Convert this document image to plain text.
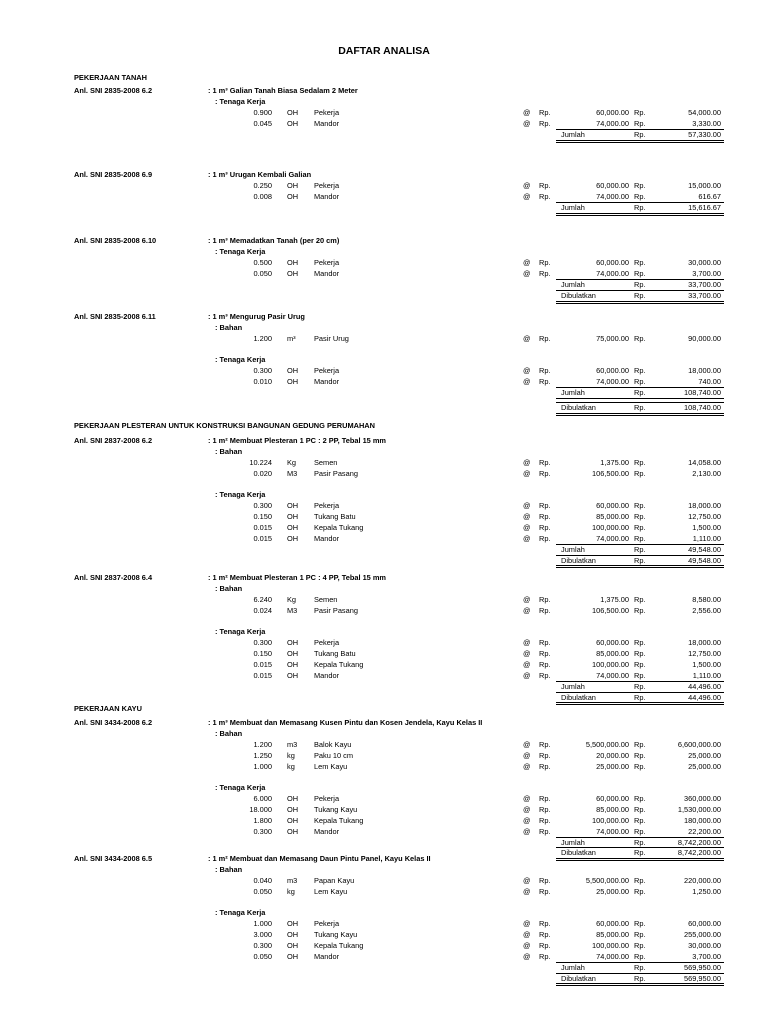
DAFTAR ANALISA
PEKERJAAN TANAH
Anl. SNI 2835-2008 6.2	: 1 m³ Galian Tanah Biasa Sedalam 2 Meter
: Tenaga Kerja
0.900 OH Pekerja	@ Rp.	60,000.00 Rp.	54,000.00
0.045 OH Mandor	@ Rp.	74,000.00 Rp.	3,330.00
Jumlah	Rp.	57,330.00
Anl. SNI 2835-2008 6.9	: 1 m³ Urugan Kembali Galian
0.250 OH Pekerja	@ Rp.	60,000.00 Rp.	15,000.00
0.008 OH Mandor	@ Rp.	74,000.00 Rp.	616.67
Jumlah	Rp.	15,616.67
Anl. SNI 2835-2008 6.10	: 1 m³ Memadatkan Tanah (per 20 cm)
: Tenaga Kerja
0.500 OH Pekerja	@ Rp.	60,000.00 Rp.	30,000.00
0.050 OH Mandor	@ Rp.	74,000.00 Rp.	3,700.00
Jumlah	Rp.	33,700.00
Dibulatkan	Rp.	33,700.00
Anl. SNI 2835-2008 6.11	: 1 m³ Mengurug Pasir Urug
: Bahan
1.200 m³ Pasir Urug	@ Rp.	75,000.00 Rp.	90,000.00
: Tenaga Kerja
0.300 OH Pekerja	@ Rp.	60,000.00 Rp.	18,000.00
0.010 OH Mandor	@ Rp.	74,000.00 Rp.	740.00
Jumlah	Rp.	108,740.00
Dibulatkan	Rp.	108,740.00
PEKERJAAN PLESTERAN UNTUK KONSTRUKSI BANGUNAN GEDUNG PERUMAHAN
Anl. SNI 2837-2008 6.2	: 1 m² Membuat Plesteran 1 PC : 2 PP, Tebal 15 mm
: Bahan
10.224 Kg Semen	@ Rp.	1,375.00 Rp.	14,058.00
0.020 M3 Pasir Pasang	@ Rp.	106,500.00 Rp.	2,130.00
: Tenaga Kerja
0.300 OH Pekerja	@ Rp.	60,000.00 Rp.	18,000.00
0.150 OH Tukang Batu	@ Rp.	85,000.00 Rp.	12,750.00
0.015 OH Kepala Tukang	@ Rp.	100,000.00 Rp.	1,500.00
0.015 OH Mandor	@ Rp.	74,000.00 Rp.	1,110.00
Jumlah	Rp.	49,548.00
Dibulatkan	Rp.	49,548.00
Anl. SNI 2837-2008 6.4	: 1 m² Membuat Plesteran 1 PC : 4 PP, Tebal 15 mm
: Bahan
6.240 Kg Semen	@ Rp.	1,375.00 Rp.	8,580.00
0.024 M3 Pasir Pasang	@ Rp.	106,500.00 Rp.	2,556.00
: Tenaga Kerja
0.300 OH Pekerja	@ Rp.	60,000.00 Rp.	18,000.00
0.150 OH Tukang Batu	@ Rp.	85,000.00 Rp.	12,750.00
0.015 OH Kepala Tukang	@ Rp.	100,000.00 Rp.	1,500.00
0.015 OH Mandor	@ Rp.	74,000.00 Rp.	1,110.00
Jumlah	Rp.	44,496.00
Dibulatkan	Rp.	44,496.00
PEKERJAAN KAYU
Anl. SNI 3434-2008 6.2	: 1 m³ Membuat dan Memasang Kusen Pintu dan Kosen Jendela, Kayu Kelas II
: Bahan
1.200 m3 Balok Kayu	@ Rp.	5,500,000.00 Rp.	6,600,000.00
1.250 kg	Paku 10 cm	@ Rp.	20,000.00 Rp.	25,000.00
1.000 kg	Lem Kayu	@ Rp.	25,000.00 Rp.	25,000.00
: Tenaga Kerja
6.000 OH Pekerja	@ Rp.	60,000.00 Rp.	360,000.00
18.000 OH Tukang Kayu	@ Rp.	85,000.00 Rp.	1,530,000.00
1.800 OH Kepala Tukang	@ Rp.	100,000.00 Rp.	180,000.00
0.300 OH Mandor	@ Rp.	74,000.00 Rp.	22,200.00
Jumlah	Rp.	8,742,200.00
Dibulatkan	Rp.	8,742,200.00
Anl. SNI 3434-2008 6.5	: 1 m² Membuat dan Memasang Daun Pintu Panel, Kayu Kelas II
: Bahan
0.040 m3 Papan Kayu	@ Rp.	5,500,000.00 Rp.	220,000.00
0.050 kg	Lem Kayu	@ Rp.	25,000.00 Rp.	1,250.00
: Tenaga Kerja
1.000 OH Pekerja	@ Rp.	60,000.00 Rp.	60,000.00
3.000 OH Tukang Kayu	@ Rp.	85,000.00 Rp.	255,000.00
0.300 OH Kepala Tukang	@ Rp.	100,000.00 Rp.	30,000.00
0.050 OH Mandor	@ Rp.	74,000.00 Rp.	3,700.00
Jumlah	Rp.	569,950.00
Dibulatkan	Rp.	569,950.00
